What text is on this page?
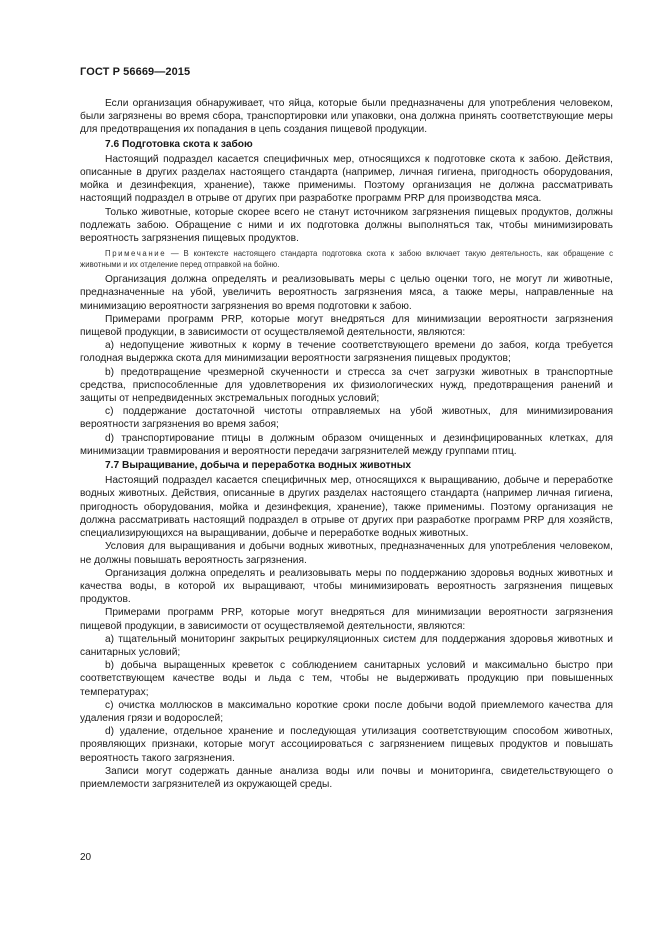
ГОСТ Р 56669—2015

Если организация обнаруживает, что яйца, которые были предназначены для употребления человеком, были загрязнены во время сбора, транспортировки или упаковки, она должна принять соответствующие меры для предотвращения их попадания в цепь создания пищевой продукции.

7.6 Подготовка скота к забою

Настоящий подраздел касается специфичных мер, относящихся к подготовке скота к забою. Действия, описанные в других разделах настоящего стандарта (например, личная гигиена, пригодность оборудования, мойка и дезинфекция, хранение), также применимы. Поэтому организация не должна рассматривать настоящий подраздел в отрыве от других при разработке программ PRP для производства мяса.

Только животные, которые скорее всего не станут источником загрязнения пищевых продуктов, должны подлежать забою. Обращение с ними и их подготовка должны выполняться так, чтобы минимизировать вероятность загрязнения пищевых продуктов.

Примечание — В контексте настоящего стандарта подготовка скота к забою включает такую деятельность, как обращение с животными и их отделение перед отправкой на бойню.

Организация должна определять и реализовывать меры с целью оценки того, не могут ли животные, предназначенные на убой, увеличить вероятность загрязнения мяса, а также меры, направленные на минимизацию вероятности загрязнения во время подготовки к забою.

Примерами программ PRP, которые могут внедряться для минимизации вероятности загрязнения пищевой продукции, в зависимости от осуществляемой деятельности, являются:

a) недопущение животных к корму в течение соответствующего времени до забоя, когда требуется голодная выдержка скота для минимизации вероятности загрязнения пищевых продуктов;

b) предотвращение чрезмерной скученности и стресса за счет загрузки животных в транспортные средства, приспособленные для удовлетворения их физиологических нужд, предотвращения ранений и защиты от непредвиденных экстремальных погодных условий;

c) поддержание достаточной чистоты отправляемых на убой животных, для минимизирования вероятности загрязнения во время забоя;

d) транспортирование птицы в должным образом очищенных и дезинфицированных клетках, для минимизации травмирования и вероятности передачи загрязнителей между группами птиц.

7.7 Выращивание, добыча и переработка водных животных

Настоящий подраздел касается специфичных мер, относящихся к выращиванию, добыче и переработке водных животных. Действия, описанные в других разделах настоящего стандарта (например личная гигиена, пригодность оборудования, мойка и дезинфекция, хранение), также применимы. Поэтому организация не должна рассматривать настоящий подраздел в отрыве от других при разработке программ PRP для хозяйств, специализирующихся на выращивании, добыче и переработке водных животных.

Условия для выращивания и добычи водных животных, предназначенных для употребления человеком, не должны повышать вероятность загрязнения.

Организация должна определять и реализовывать меры по поддержанию здоровья водных животных и качества воды, в которой их выращивают, чтобы минимизировать вероятность загрязнения пищевых продуктов.

Примерами программ PRP, которые могут внедряться для минимизации вероятности загрязнения пищевой продукции, в зависимости от осуществляемой деятельности, являются:

a) тщательный мониторинг закрытых рециркуляционных систем для поддержания здоровья животных и санитарных условий;

b) добыча выращенных креветок с соблюдением санитарных условий и максимально быстро при соответствующем качестве воды и льда с тем, чтобы не выдерживать продукцию при повышенных температурах;

c) очистка моллюсков в максимально короткие сроки после добычи водой приемлемого качества для удаления грязи и водорослей;

d) удаление, отдельное хранение и последующая утилизация соответствующим способом животных, проявляющих признаки, которые могут ассоциироваться с загрязнением пищевых продуктов и повышать вероятность такого загрязнения.

Записи могут содержать данные анализа воды или почвы и мониторинга, свидетельствующего о приемлемости загрязнителей из окружающей среды.

20
